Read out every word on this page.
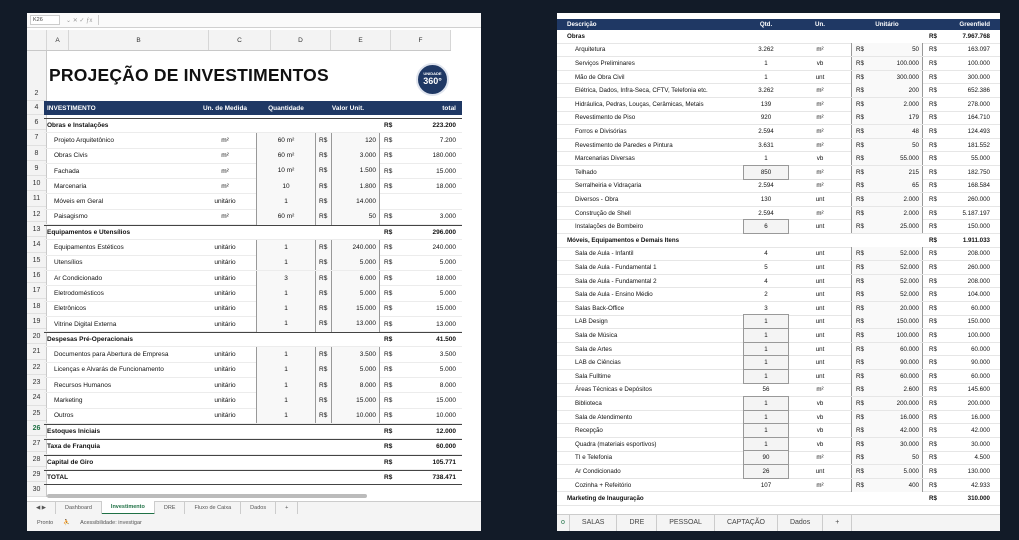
K26	⌄ ✕ ✓ ƒx
A	B	C	D	E	F
2
4
6
7
8
9
10
11
12
13
14
15
16
17
18
19
20
21
22
23
24
25
26
27
28
29
30
PROJEÇÃO DE INVESTIMENTOS	UNIDADE
360°
INVESTIMENTO	Un. de Medida	Quantidade	Valor Unit.	total
Obras e Instalações	R$	223.200
Projeto Arquitetônico	m²	60 m²	R$	120	R$	7.200
Obras Civis	m²	60 m²	R$	3.000	R$	180.000
Fachada	m²	10 m²	R$	1.500	R$	15.000
Marcenaria	m²	10	R$	1.800	R$	18.000
Móveis em Geral	unitário	1	R$	14.000
Paisagismo	m²	60 m²	R$	50	R$	3.000
Equipamentos e Utensílios	R$	296.000
Equipamentos Estéticos	unitário	1	R$	240.000	R$	240.000
Utensílios	unitário	1	R$	5.000	R$	5.000
Ar Condicionado	unitário	3	R$	6.000	R$	18.000
Eletrodomésticos	unitário	1	R$	5.000	R$	5.000
Eletrônicos	unitário	1	R$	15.000	R$	15.000
Vitrine Digital Externa	unitário	1	R$	13.000	R$	13.000
Despesas Pré-Operacionais	R$	41.500
Documentos para Abertura de Empresa	unitário	1	R$	3.500	R$	3.500
Licenças e Alvarás de Funcionamento	unitário	1	R$	5.000	R$	5.000
Recursos Humanos	unitário	1	R$	8.000	R$	8.000
Marketing	unitário	1	R$	15.000	R$	15.000
Outros	unitário	1	R$	10.000	R$	10.000
Estoques Iniciais	R$	12.000
Taxa de Franquia	R$	60.000
Capital de Giro	R$	105.771
TOTAL	R$	738.471
◀ ▶	Dashboard	Investimento	DRE	Fluxo de Caixa	Dados	+
Pronto ⛹ Acessibilidade: investigar
Descrição	Qtd.	Un.	Unitário	Greenfield
Obras	R$	7.967.768
Arquitetura	3.262	m²	R$	50	R$	163.097
Serviços Preliminares	1	vb	R$	100.000	R$	100.000
Mão de Obra Civil	1	unt	R$	300.000	R$	300.000
Elétrica, Dados, Infra-Seca, CFTV, Telefonia etc.	3.262	m²	R$	200	R$	652.386
Hidráulica, Pedras, Louças, Cerâmicas, Metais	139	m²	R$	2.000	R$	278.000
Revestimento de Piso	920	m²	R$	179	R$	164.710
Forros e Divisórias	2.594	m²	R$	48	R$	124.493
Revestimento de Paredes e Pintura	3.631	m²	R$	50	R$	181.552
Marcenarias Diversas	1	vb	R$	55.000	R$	55.000
Telhado	850	m²	R$	215	R$	182.750
Serralheiria e Vidraçaria	2.594	m²	R$	65	R$	168.584
Diversos - Obra	130	unt	R$	2.000	R$	260.000
Construção de Shell	2.594	m²	R$	2.000	R$	5.187.197
Instalações de Bombeiro	6	unt	R$	25.000	R$	150.000
Móveis, Equipamentos e Demais Itens	R$	1.911.033
Sala de Aula - Infantil	4	unt	R$	52.000	R$	208.000
Sala de Aula - Fundamental 1	5	unt	R$	52.000	R$	260.000
Sala de Aula - Fundamental 2	4	unt	R$	52.000	R$	208.000
Sala de Aula - Ensino Médio	2	unt	R$	52.000	R$	104.000
Salas Back-Office	3	unt	R$	20.000	R$	60.000
LAB Design	1	unt	R$	150.000	R$	150.000
Sala de Música	1	unt	R$	100.000	R$	100.000
Sala de Artes	1	unt	R$	60.000	R$	60.000
LAB de Ciências	1	unt	R$	90.000	R$	90.000
Sala Fulltime	1	unt	R$	60.000	R$	60.000
Áreas Técnicas e Depósitos	56	m²	R$	2.600	R$	145.600
Biblioteca	1	vb	R$	200.000	R$	200.000
Sala de Atendimento	1	vb	R$	16.000	R$	16.000
Recepção	1	vb	R$	42.000	R$	42.000
Quadra (materiais esportivos)	1	vb	R$	30.000	R$	30.000
TI e Telefonia	90	m²	R$	50	R$	4.500
Ar Condicionado	26	unt	R$	5.000	R$	130.000
Cozinha + Refeitório	107	m²	R$	400	R$	42.933
Marketing de Inauguração	R$	310.000
o	SALAS	DRE	PESSOAL	CAPTAÇÃO	Dados	+
